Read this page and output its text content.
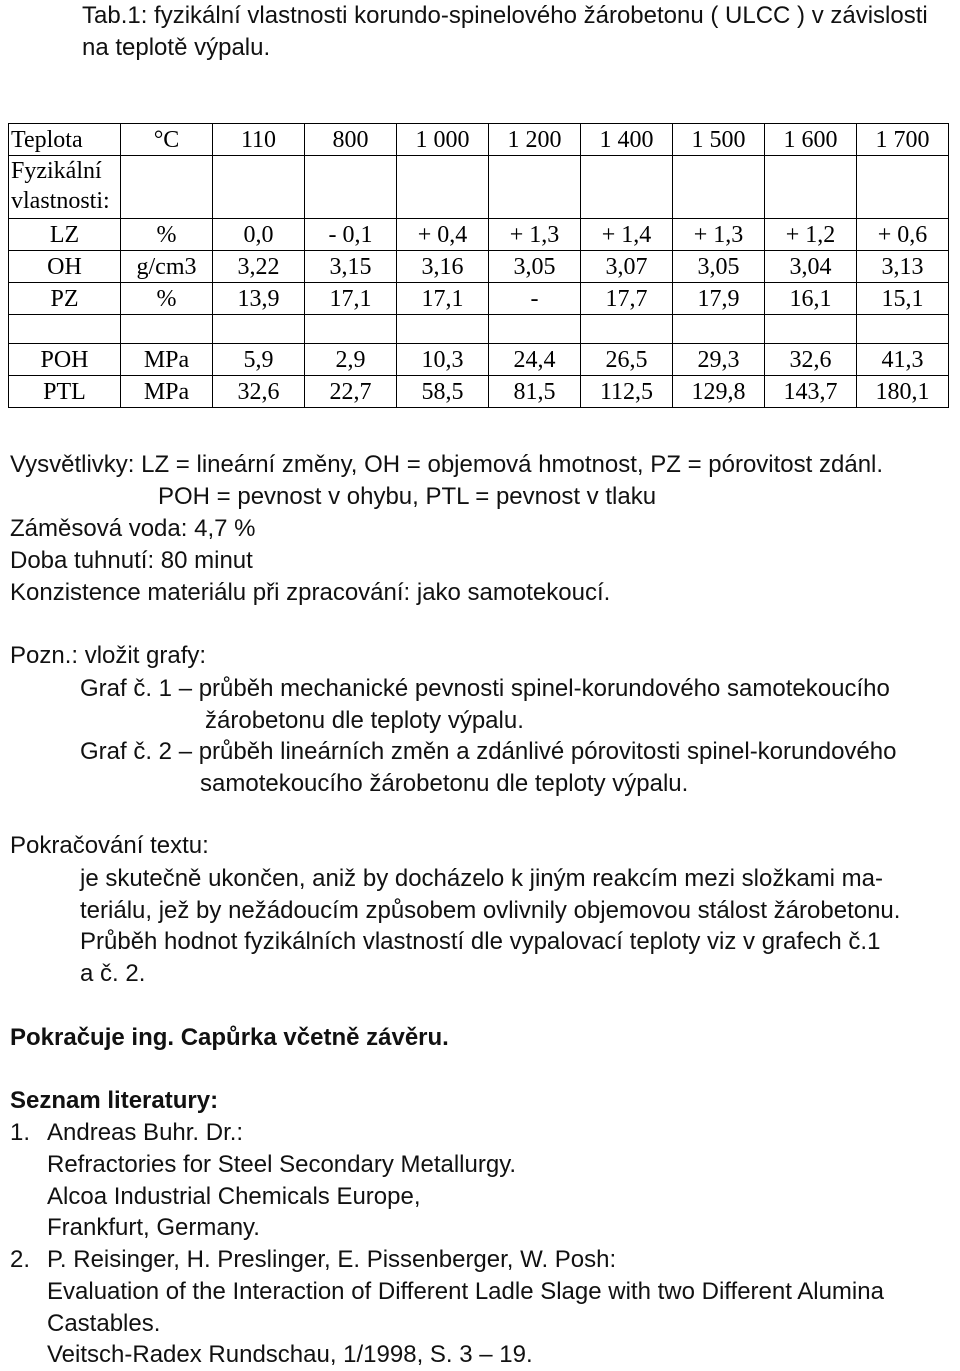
Tab.1: fyzikální vlastnosti korundo-spinelového žárobetonu ( ULCC ) v závislosti na teplotě výpalu.
Teplota	°C	110	800	1 000	1 200	1 400	1 500	1 600	1 700
Fyzikální vlastnosti:									
LZ	%	0,0	- 0,1	+ 0,4	+ 1,3	+ 1,4	+ 1,3	+ 1,2	+ 0,6
OH	g/cm3	3,22	3,15	3,16	3,05	3,07	3,05	3,04	3,13
PZ	%	13,9	17,1	17,1	-	17,7	17,9	16,1	15,1

POH	MPa	5,9	2,9	10,3	24,4	26,5	29,3	32,6	41,3
PTL	MPa	32,6	22,7	58,5	81,5	112,5	129,8	143,7	180,1
Vysvětlivky: LZ = lineární změny, OH = objemová hmotnost, PZ = pórovitost zdánl.
POH = pevnost v ohybu, PTL = pevnost v tlaku
Záměsová voda: 4,7 %
Doba tuhnutí: 80 minut
Konzistence materiálu při zpracování: jako samotekoucí.
Pozn.: vložit grafy:
Graf č. 1 – průběh mechanické pevnosti spinel-korundového samotekoucího
žárobetonu dle teploty výpalu.
Graf č. 2 – průběh lineárních změn a zdánlivé pórovitosti spinel-korundového
samotekoucího žárobetonu dle teploty výpalu.
Pokračování textu:
je skutečně ukončen, aniž by docházelo k jiným reakcím mezi složkami ma-
teriálu, jež by nežádoucím způsobem ovlivnily objemovou stálost žárobetonu.
Průběh hodnot fyzikálních vlastností dle vypalovací teploty viz v grafech č.1
a č. 2.
Pokračuje ing. Capůrka včetně závěru.
Seznam literatury:
1. Andreas Buhr. Dr.:
Refractories for Steel Secondary Metallurgy.
Alcoa Industrial Chemicals Europe,
Frankfurt, Germany.
2. P. Reisinger, H. Preslinger, E. Pissenberger, W. Posh:
Evaluation of the Interaction of Different Ladle Slage with two Different Alumina
Castables.
Veitsch-Radex Rundschau, 1/1998, S. 3 – 19.
